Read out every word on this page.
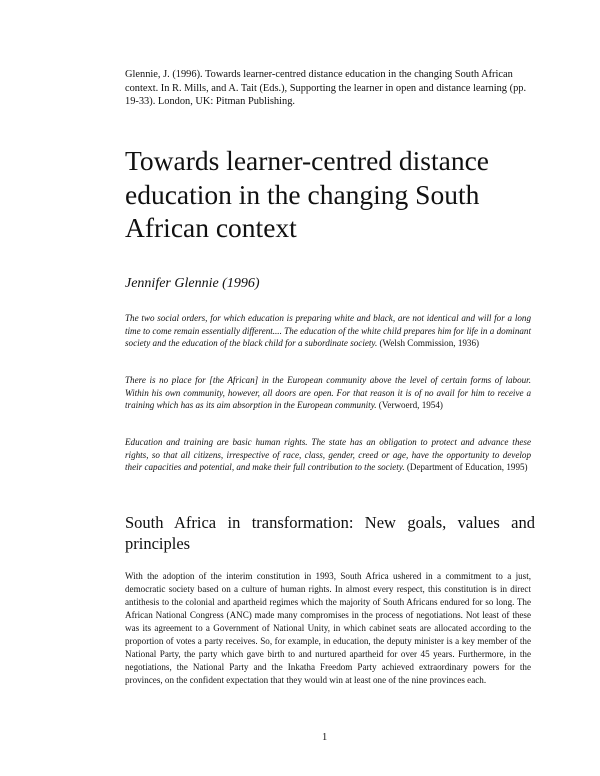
Glennie, J. (1996). Towards learner-centred distance education in the changing South African context. In R. Mills, and A. Tait (Eds.), Supporting the learner in open and distance learning (pp. 19-33). London, UK: Pitman Publishing.
Towards learner-centred distance education in the changing South African context
Jennifer Glennie (1996)
The two social orders, for which education is preparing white and black, are not identical and will for a long time to come remain essentially different.... The education of the white child prepares him for life in a dominant society and the education of the black child for a subordinate society. (Welsh Commission, 1936)
There is no place for [the African] in the European community above the level of certain forms of labour. Within his own community, however, all doors are open. For that reason it is of no avail for him to receive a training which has as its aim absorption in the European community. (Verwoerd, 1954)
Education and training are basic human rights. The state has an obligation to protect and advance these rights, so that all citizens, irrespective of race, class, gender, creed or age, have the opportunity to develop their capacities and potential, and make their full contribution to the society. (Department of Education, 1995)
South Africa in transformation: New goals, values and principles
With the adoption of the interim constitution in 1993, South Africa ushered in a commitment to a just, democratic society based on a culture of human rights. In almost every respect, this constitution is in direct antithesis to the colonial and apartheid regimes which the majority of South Africans endured for so long. The African National Congress (ANC) made many compromises in the process of negotiations. Not least of these was its agreement to a Government of National Unity, in which cabinet seats are allocated according to the proportion of votes a party receives. So, for example, in education, the deputy minister is a key member of the National Party, the party which gave birth to and nurtured apartheid for over 45 years. Furthermore, in the negotiations, the National Party and the Inkatha Freedom Party achieved extraordinary powers for the provinces, on the confident expectation that they would win at least one of the nine provinces each.
1
